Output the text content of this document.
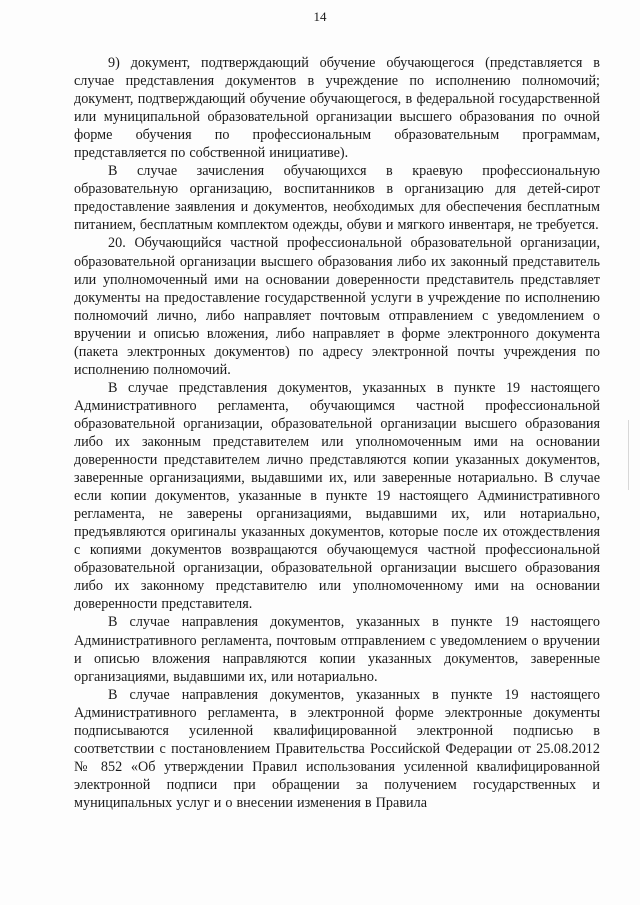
14

9) документ, подтверждающий обучение обучающегося (представляется в случае представления документов в учреждение по исполнению полномочий; документ, подтверждающий обучение обучающегося, в федеральной государственной или муниципальной образовательной организации высшего образования по очной форме обучения по профессиональным образовательным программам, представляется по собственной инициативе).

В случае зачисления обучающихся в краевую профессиональную образовательную организацию, воспитанников в организацию для детей-сирот предоставление заявления и документов, необходимых для обеспечения бесплатным питанием, бесплатным комплектом одежды, обуви и мягкого инвентаря, не требуется.

20. Обучающийся частной профессиональной образовательной организации, образовательной организации высшего образования либо их законный представитель или уполномоченный ими на основании доверенности представитель представляет документы на предоставление государственной услуги в учреждение по исполнению полномочий лично, либо направляет почтовым отправлением с уведомлением о вручении и описью вложения, либо направляет в форме электронного документа (пакета электронных документов) по адресу электронной почты учреждения по исполнению полномочий.

В случае представления документов, указанных в пункте 19 настоящего Административного регламента, обучающимся частной профессиональной образовательной организации, образовательной организации высшего образования либо их законным представителем или уполномоченным ими на основании доверенности представителем лично представляются копии указанных документов, заверенные организациями, выдавшими их, или заверенные нотариально. В случае если копии документов, указанные в пункте 19 настоящего Административного регламента, не заверены организациями, выдавшими их, или нотариально, предъявляются оригиналы указанных документов, которые после их отождествления с копиями документов возвращаются обучающемуся частной профессиональной образовательной организации, образовательной организации высшего образования либо их законному представителю или уполномоченному ими на основании доверенности представителя.

В случае направления документов, указанных в пункте 19 настоящего Административного регламента, почтовым отправлением с уведомлением о вручении и описью вложения направляются копии указанных документов, заверенные организациями, выдавшими их, или нотариально.

В случае направления документов, указанных в пункте 19 настоящего Административного регламента, в электронной форме электронные документы подписываются усиленной квалифицированной электронной подписью в соответствии с постановлением Правительства Российской Федерации от 25.08.2012 № 852 «Об утверждении Правил использования усиленной квалифицированной электронной подписи при обращении за получением государственных и муниципальных услуг и о внесении изменения в Правила
